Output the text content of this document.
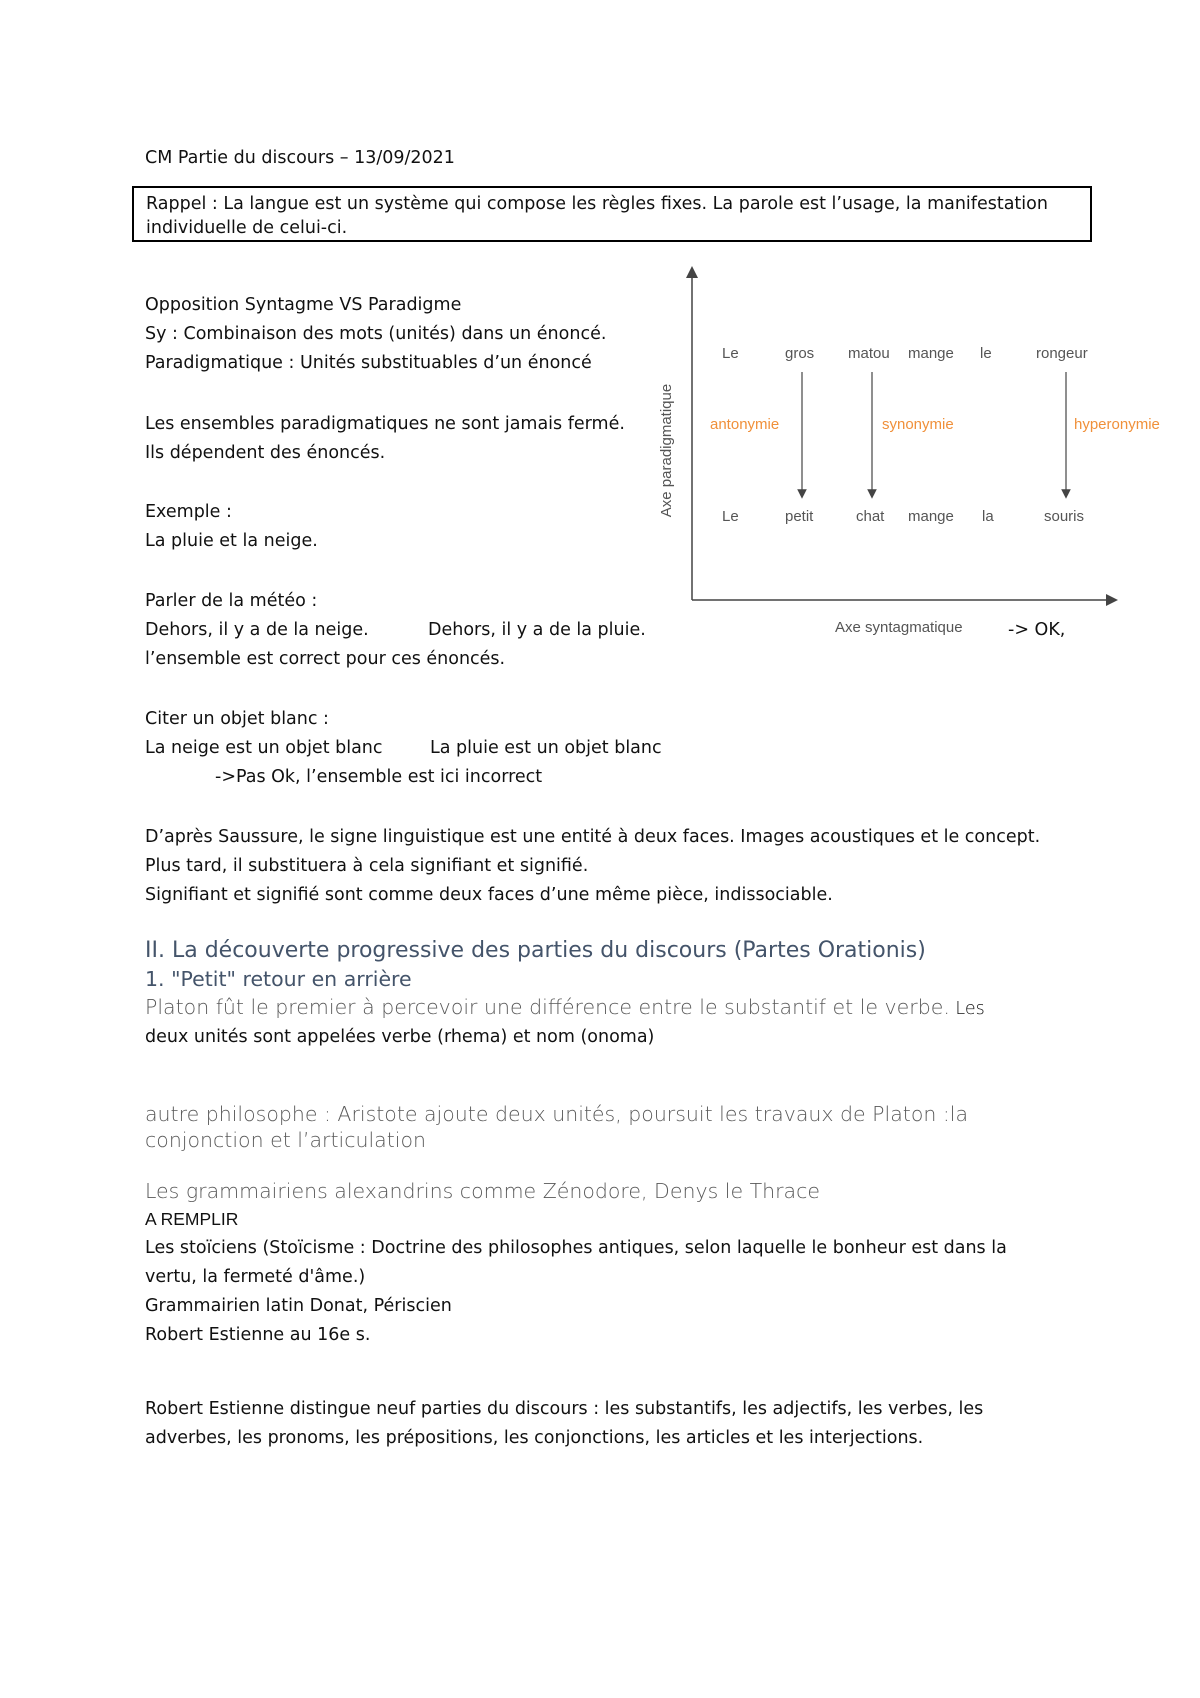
CM Partie du discours – 13/09/2021
Rappel : La langue est un système qui compose les règles fixes. La parole est l’usage, la manifestation
individuelle de celui-ci.
Opposition Syntagme VS Paradigme
Sy : Combinaison des mots (unités) dans un énoncé.
Paradigmatique : Unités substituables d’un énoncé
Les ensembles paradigmatiques ne sont jamais fermé.
Ils dépendent des énoncés.
Exemple :
La pluie et la neige.
Parler de la météo :
Dehors, il y a de la neige.	Dehors, il y a de la pluie.
l’ensemble est correct pour ces énoncés.
Citer un objet blanc :
La neige est un objet blanc	La pluie est un objet blanc
->Pas Ok, l’ensemble est ici incorrect
D’après Saussure, le signe linguistique est une entité à deux faces. Images acoustiques et le concept.
Plus tard, il substituera à cela signifiant et signifié.
Signifiant et signifié sont comme deux faces d’une même pièce, indissociable.
II. La découverte progressive des parties du discours (Partes Orationis)
1. "Petit" retour en arrière
Platon fût le premier à percevoir une différence entre le substantif et le verbe. Les
deux unités sont appelées verbe (rhema) et nom (onoma)
autre philosophe : Aristote ajoute deux unités, poursuit les travaux de Platon :la
conjonction et l’articulation
Les grammairiens alexandrins comme Zénodore, Denys le Thrace
A REMPLIR
Les stoïciens (Stoïcisme : Doctrine des philosophes antiques, selon laquelle le bonheur est dans la
vertu, la fermeté d'âme.)
Grammairien latin Donat, Périscien
Robert Estienne au 16e s.
Robert Estienne distingue neuf parties du discours : les substantifs, les adjectifs, les verbes, les
adverbes, les pronoms, les prépositions, les conjonctions, les articles et les interjections.
Axe paradigmatique
Axe syntagmatique	-> OK,
Le	gros matou mange le	rongeur
antonymie	synonymie	hyperonymie
Le	petit	chat mange la	souris
